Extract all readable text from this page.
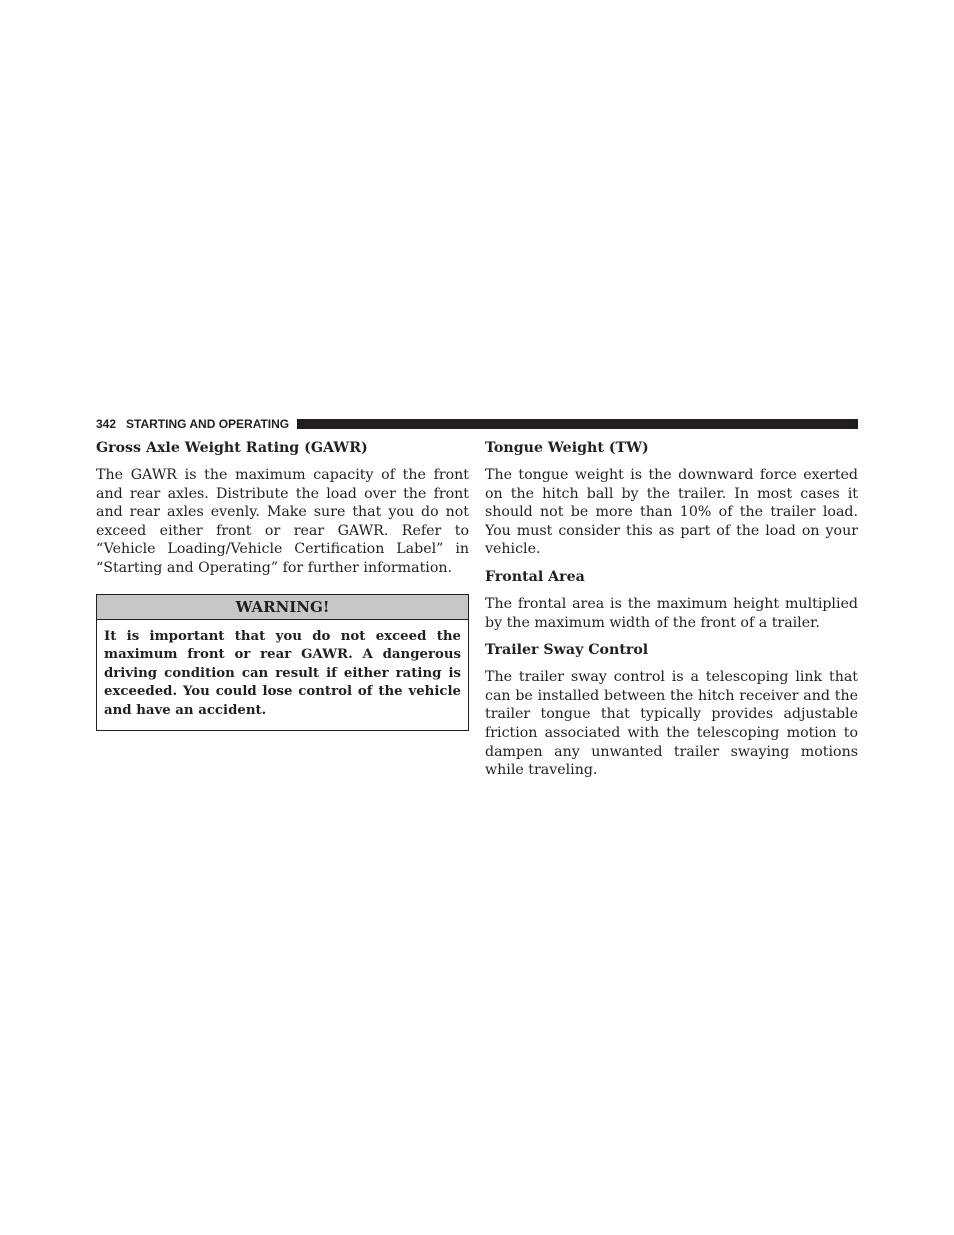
342 STARTING AND OPERATING
Gross Axle Weight Rating (GAWR)

The GAWR is the maximum capacity of the front and rear axles. Distribute the load over the front and rear axles evenly. Make sure that you do not exceed either front or rear GAWR. Refer to “Vehicle Loading/Vehicle Certification Label” in “Starting and Operating” for further information.

WARNING!
It is important that you do not exceed the maximum front or rear GAWR. A dangerous driving condition can result if either rating is exceeded. You could lose control of the vehicle and have an accident.
Tongue Weight (TW)

The tongue weight is the downward force exerted on the hitch ball by the trailer. In most cases it should not be more than 10% of the trailer load. You must consider this as part of the load on your vehicle.

Frontal Area

The frontal area is the maximum height multiplied by the maximum width of the front of a trailer.

Trailer Sway Control

The trailer sway control is a telescoping link that can be installed between the hitch receiver and the trailer tongue that typically provides adjustable friction associated with the telescoping motion to dampen any unwanted trailer swaying motions while traveling.
